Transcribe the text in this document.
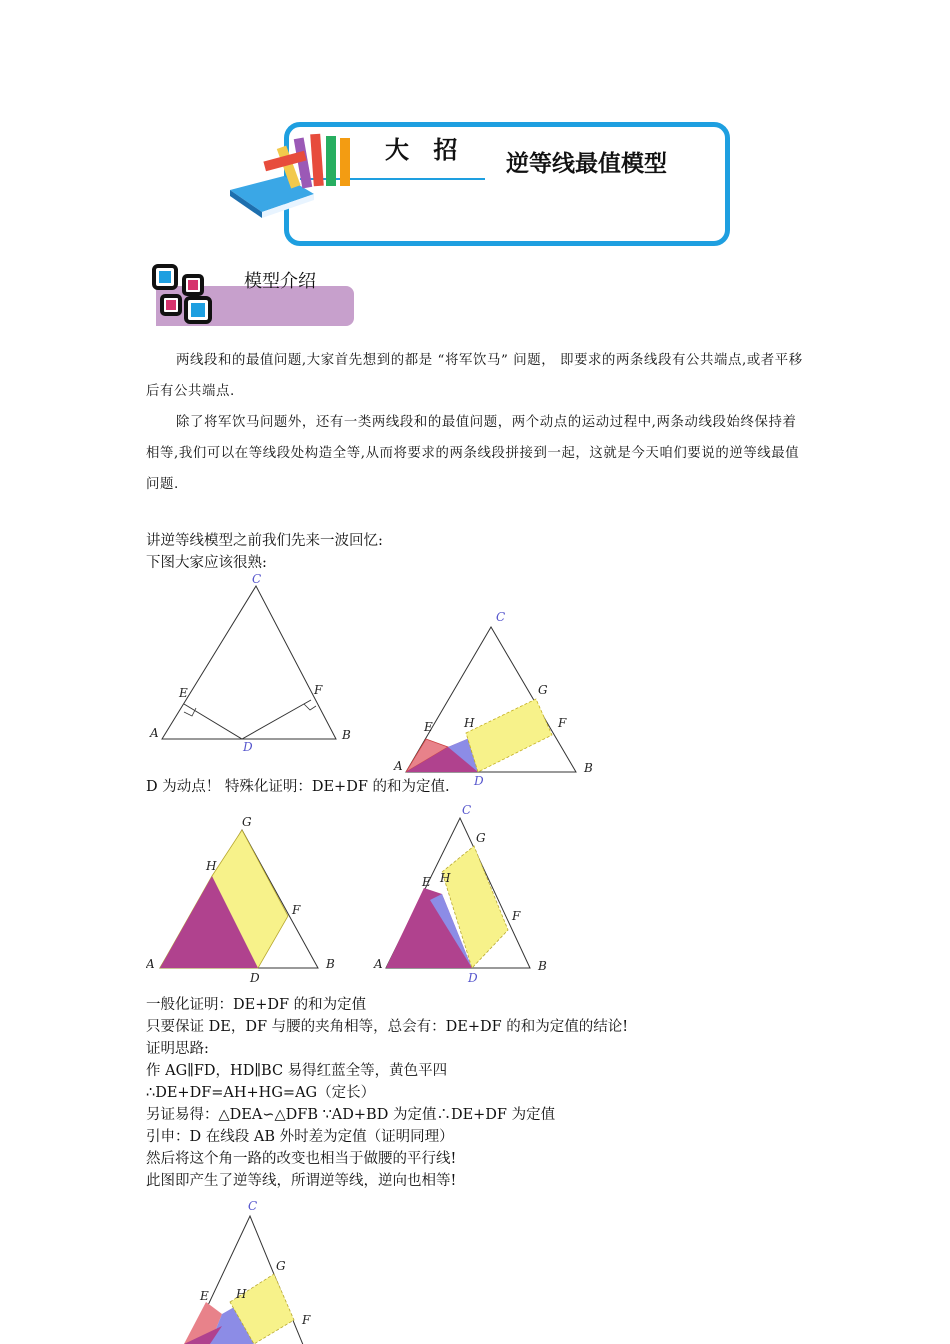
大 招 逆等线最值模型
模型介绍
两线段和的最值问题,大家首先想到的都是 “将军饮马” 问题， 即要求的两条线段有公共端点,或者平移后有公共端点.
除了将军饮马问题外，还有一类两线段和的最值问题，两个动点的运动过程中,两条动线段始终保持着相等,我们可以在等线段处构造全等,从而将要求的两条线段拼接到一起，这就是今天咱们要说的逆等线最值问题.
讲逆等线模型之前我们先来一波回忆:
下图大家应该很熟:
C
E	F
A	B
D
C
G
F
H
E
A	B
D
D 为动点！ 特殊化证明：DE+DF 的和为定值.
G
H
F
A	B
D
C
G
F
H
E
A	B
D
一般化证明：DE+DF 的和为定值
只要保证 DE，DF 与腰的夹角相等，总会有：DE+DF 的和为定值的结论!
证明思路:
作 AG∥FD，HD∥BC 易得红蓝全等，黄色平四
∴DE+DF=AH+HG=AG（定长）
另证易得：△DEA∽△DFB ∵AD+BD 为定值∴DE+DF 为定值
引申：D 在线段 AB 外时差为定值（证明同理）
然后将这个角一路的改变也相当于做腰的平行线!
此图即产生了逆等线，所谓逆等线，逆向也相等!
C
G
F
H
E
